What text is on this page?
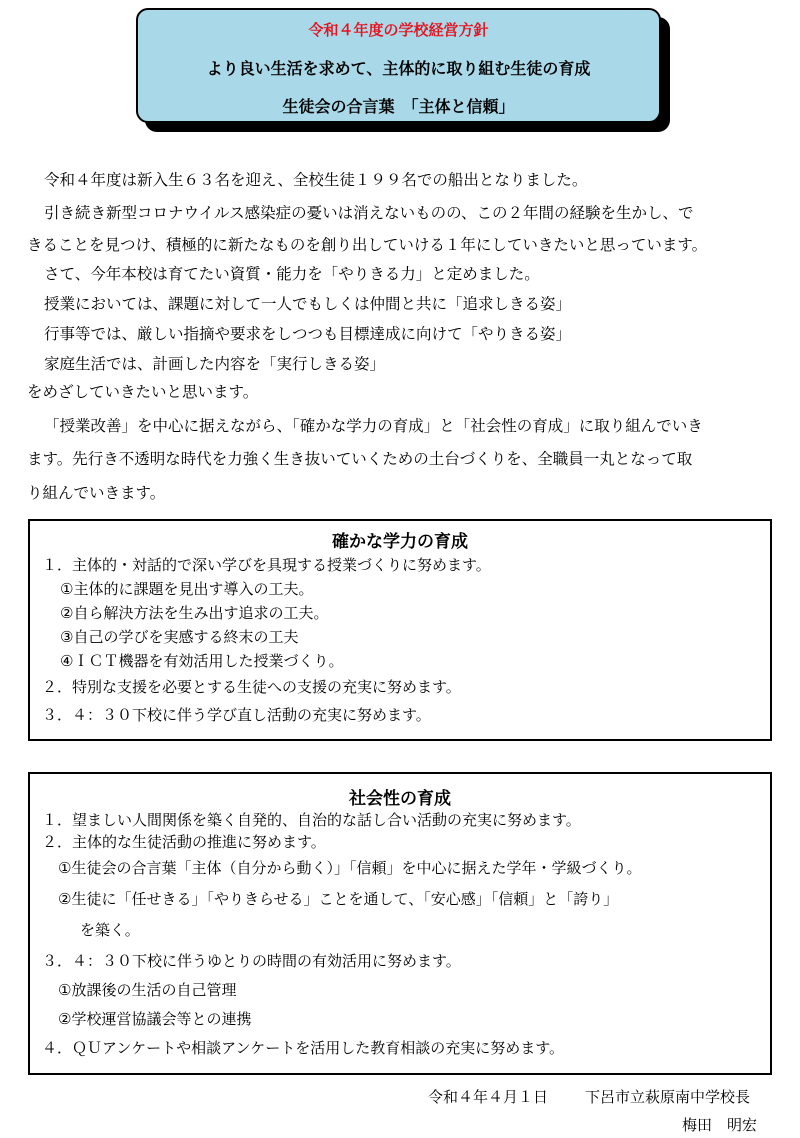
令和４年度の学校経営方針
より良い生活を求めて、主体的に取り組む生徒の育成
生徒会の合言葉　「主体と信頼」
令和４年度は新入生６３名を迎え、全校生徒１９９名での船出となりました。
引き続き新型コロナウイルス感染症の憂いは消えないものの、この２年間の経験を生かし、で
きることを見つけ、積極的に新たなものを創り出していける１年にしていきたいと思っています。
さて、今年本校は育てたい資質・能力を「やりきる力」と定めました。
授業においては、課題に対して一人でもしくは仲間と共に「追求しきる姿」
行事等では、厳しい指摘や要求をしつつも目標達成に向けて「やりきる姿」
家庭生活では、計画した内容を「実行しきる姿」
をめざしていきたいと思います。
「授業改善」を中心に据えながら、「確かな学力の育成」と「社会性の育成」に取り組んでいき
ます。先行き不透明な時代を力強く生き抜いていくための土台づくりを、全職員一丸となって取
り組んでいきます。
確かな学力の育成
１．主体的・対話的で深い学びを具現する授業づくりに努めます。
①主体的に課題を見出す導入の工夫。
②自ら解決方法を生み出す追求の工夫。
③自己の学びを実感する終末の工夫
④ＩＣＴ機器を有効活用した授業づくり。
２．特別な支援を必要とする生徒への支援の充実に努めます。
３．４：３０下校に伴う学び直し活動の充実に努めます。
社会性の育成
１．望ましい人間関係を築く自発的、自治的な話し合い活動の充実に努めます。
２．主体的な生徒活動の推進に努めます。
①生徒会の合言葉「主体（自分から動く）」「信頼」を中心に据えた学年・学級づくり。
②生徒に「任せきる」「やりきらせる」ことを通して、「安心感」「信頼」と「誇り」
を築く。
３．４：３０下校に伴うゆとりの時間の有効活用に努めます。
①放課後の生活の自己管理
②学校運営協議会等との連携
４．ＱＵアンケートや相談アンケートを活用した教育相談の充実に努めます。
令和４年４月１日 下呂市立萩原南中学校長
梅田　明宏
